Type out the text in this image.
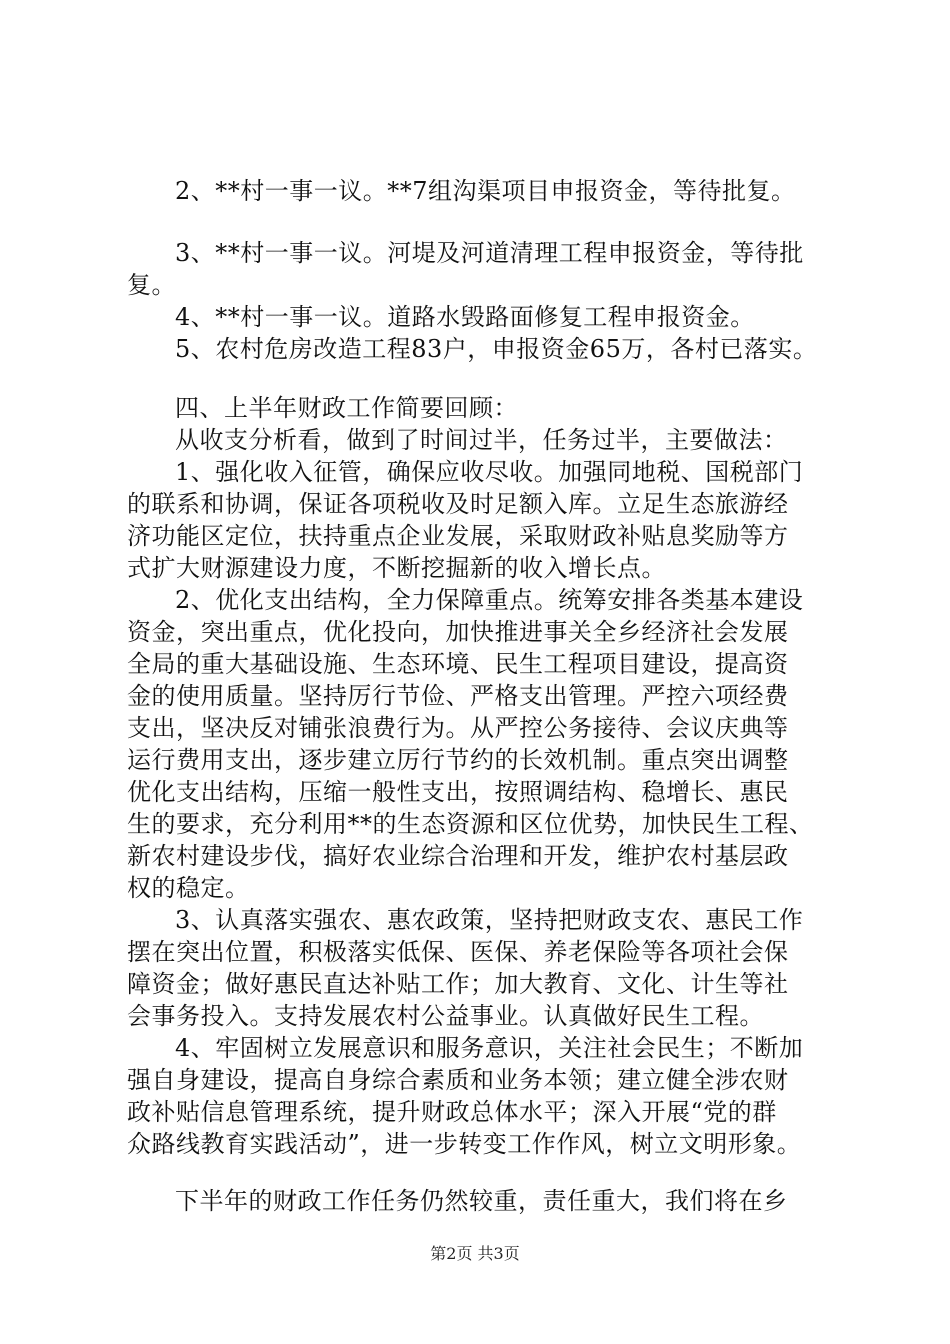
2、**村一事一议。**7组沟渠项目申报资金，等待批复。
3、**村一事一议。河堤及河道清理工程申报资金，等待批
复。
4、**村一事一议。道路水毁路面修复工程申报资金。
5、农村危房改造工程83户，申报资金65万，各村已落实。
四、上半年财政工作简要回顾：
从收支分析看，做到了时间过半，任务过半，主要做法：
1、强化收入征管，确保应收尽收。加强同地税、国税部门
的联系和协调，保证各项税收及时足额入库。立足生态旅游经
济功能区定位，扶持重点企业发展，采取财政补贴息奖励等方
式扩大财源建设力度，不断挖掘新的收入增长点。
2、优化支出结构，全力保障重点。统筹安排各类基本建设
资金，突出重点，优化投向，加快推进事关全乡经济社会发展
全局的重大基础设施、生态环境、民生工程项目建设，提高资
金的使用质量。坚持厉行节俭、严格支出管理。严控六项经费
支出，坚决反对铺张浪费行为。从严控公务接待、会议庆典等
运行费用支出，逐步建立厉行节约的长效机制。重点突出调整
优化支出结构，压缩一般性支出，按照调结构、稳增长、惠民
生的要求，充分利用**的生态资源和区位优势，加快民生工程、
新农村建设步伐，搞好农业综合治理和开发，维护农村基层政
权的稳定。
3、认真落实强农、惠农政策，坚持把财政支农、惠民工作
摆在突出位置，积极落实低保、医保、养老保险等各项社会保
障资金；做好惠民直达补贴工作；加大教育、文化、计生等社
会事务投入。支持发展农村公益事业。认真做好民生工程。
4、牢固树立发展意识和服务意识，关注社会民生；不断加
强自身建设，提高自身综合素质和业务本领；建立健全涉农财
政补贴信息管理系统，提升财政总体水平；深入开展“党的群
众路线教育实践活动”，进一步转变工作作风，树立文明形象。
下半年的财政工作任务仍然较重，责任重大，我们将在乡
第2页 共3页
